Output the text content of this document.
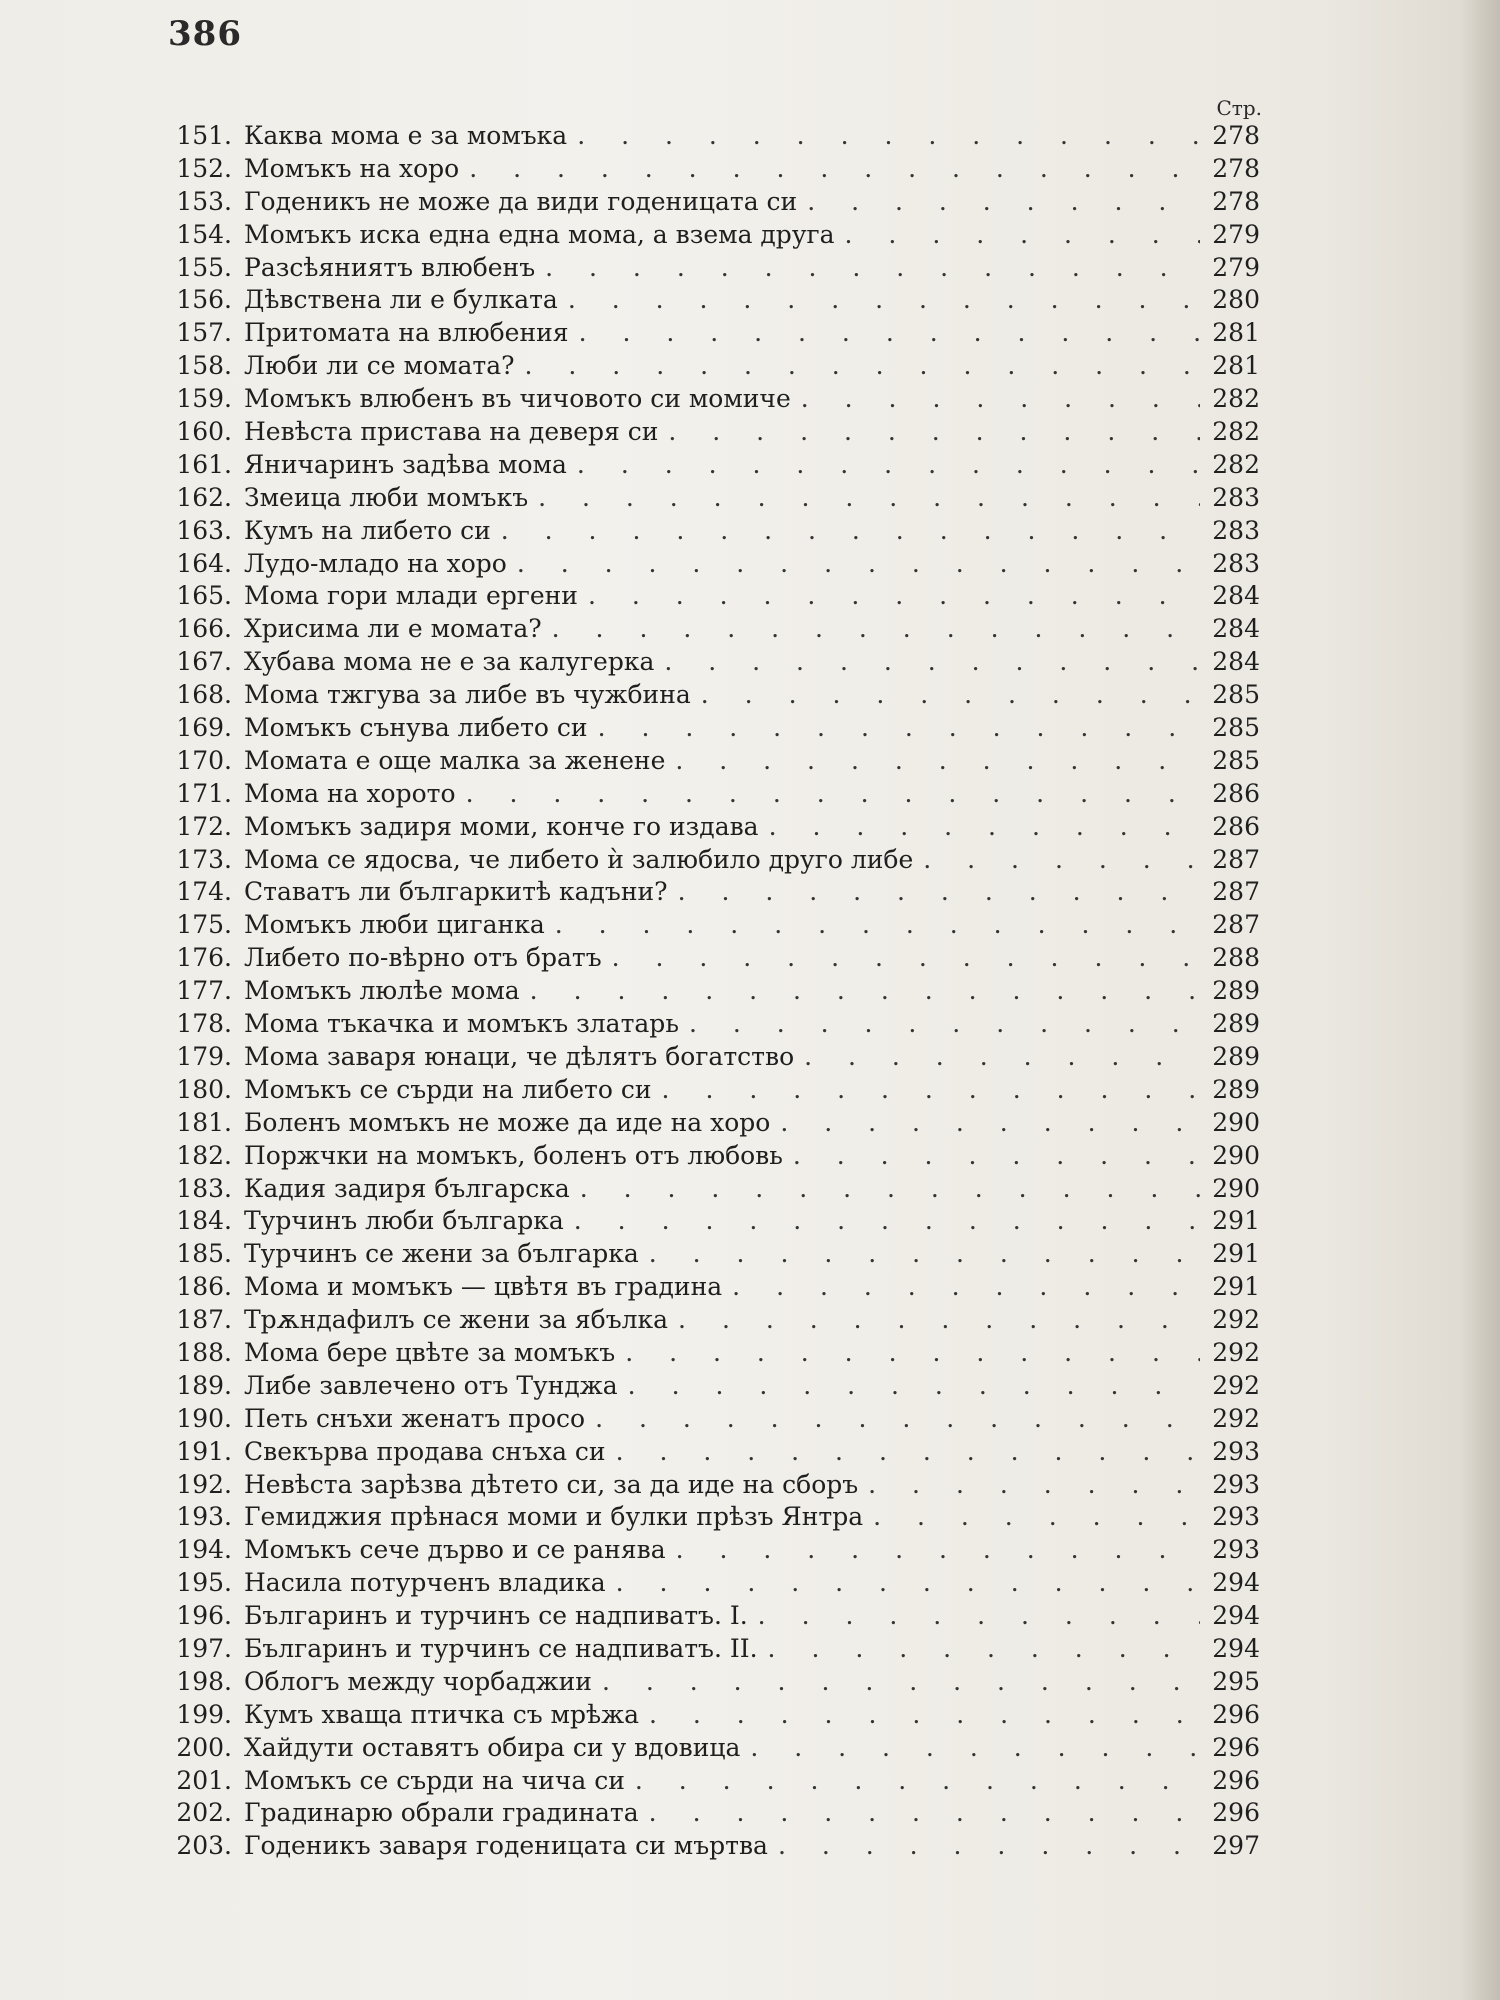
386
Стр.
151. Каква мома е за момъка . . .	278
152. Момъкъ на хоро . . .	278
153. Годеникъ не може да види годеницата си . . .	278
154. Момъкъ иска една една мома, а взема друга . . .	279
155. Разсѣяниятъ влюбенъ . . .	279
156. Дѣвствена ли е булката . . .	280
157. Притомата на влюбения . . .	281
158. Люби ли се момата? . . .	281
159. Момъкъ влюбенъ въ чичовото си момиче . . .	282
160. Невѣста пристава на деверя си . . .	282
161. Яничаринъ задѣва мома . . .	282
162. Змеица люби момъкъ . . .	283
163. Кумъ на либето си . . .	283
164. Лудо-младо на хоро . . .	283
165. Мома гори млади ергени . . .	284
166. Хрисима ли е момата? . . .	284
167. Хубава мома не е за калугерка . . .	284
168. Мома тжгува за либе въ чужбина . . .	285
169. Момъкъ сънува либето си . . .	285
170. Момата е още малка за женене . . .	285
171. Мома на хорото . . .	286
172. Момъкъ задиря моми, конче го издава . . .	286
173. Мома се ядосва, че либето ѝ залюбило друго либе . . .	287
174. Ставатъ ли българкитѣ кадъни? . . .	287
175. Момъкъ люби циганка . . .	287
176. Либето по-вѣрно отъ братъ . . .	288
177. Момъкъ люлѣе мома . . .	289
178. Мома тъкачка и момъкъ златарь . . .	289
179. Мома заваря юнаци, че дѣлятъ богатство . . .	289
180. Момъкъ се сърди на либето си . . .	289
181. Боленъ момъкъ не може да иде на хоро . . .	290
182. Поржчки на момъкъ, боленъ отъ любовь . . .	290
183. Кадия задиря българска . . .	290
184. Турчинъ люби българка . . .	291
185. Турчинъ се жени за българка . . .	291
186. Мома и момъкъ — цвѣтя въ градина . . .	291
187. Трѫндафилъ се жени за ябълка . . .	292
188. Мома бере цвѣте за момъкъ . . .	292
189. Либе завлечено отъ Тунджа . . .	292
190. Петь снъхи женатъ просо . . .	292
191. Свекърва продава снъха си . . .	293
192. Невѣста зарѣзва дѣтето си, за да иде на сборъ . . .	293
193. Гемиджия прѣнася моми и булки прѣзъ Янтра . . .	293
194. Момъкъ сече дърво и се ранява . . .	293
195. Насила потурченъ владика . . .	294
196. Българинъ и турчинъ се надпиватъ. I. . . .	294
197. Българинъ и турчинъ се надпиватъ. II. . . .	294
198. Облогъ между чорбаджии . . .	295
199. Кумъ хваща птичка съ мрѣжа . . .	296
200. Хайдути оставятъ обира си у вдовица . . .	296
201. Момъкъ се сърди на чича си . . .	296
202. Градинарю обрали градината . . .	296
203. Годеникъ заваря годеницата си мъртва . . .	297
